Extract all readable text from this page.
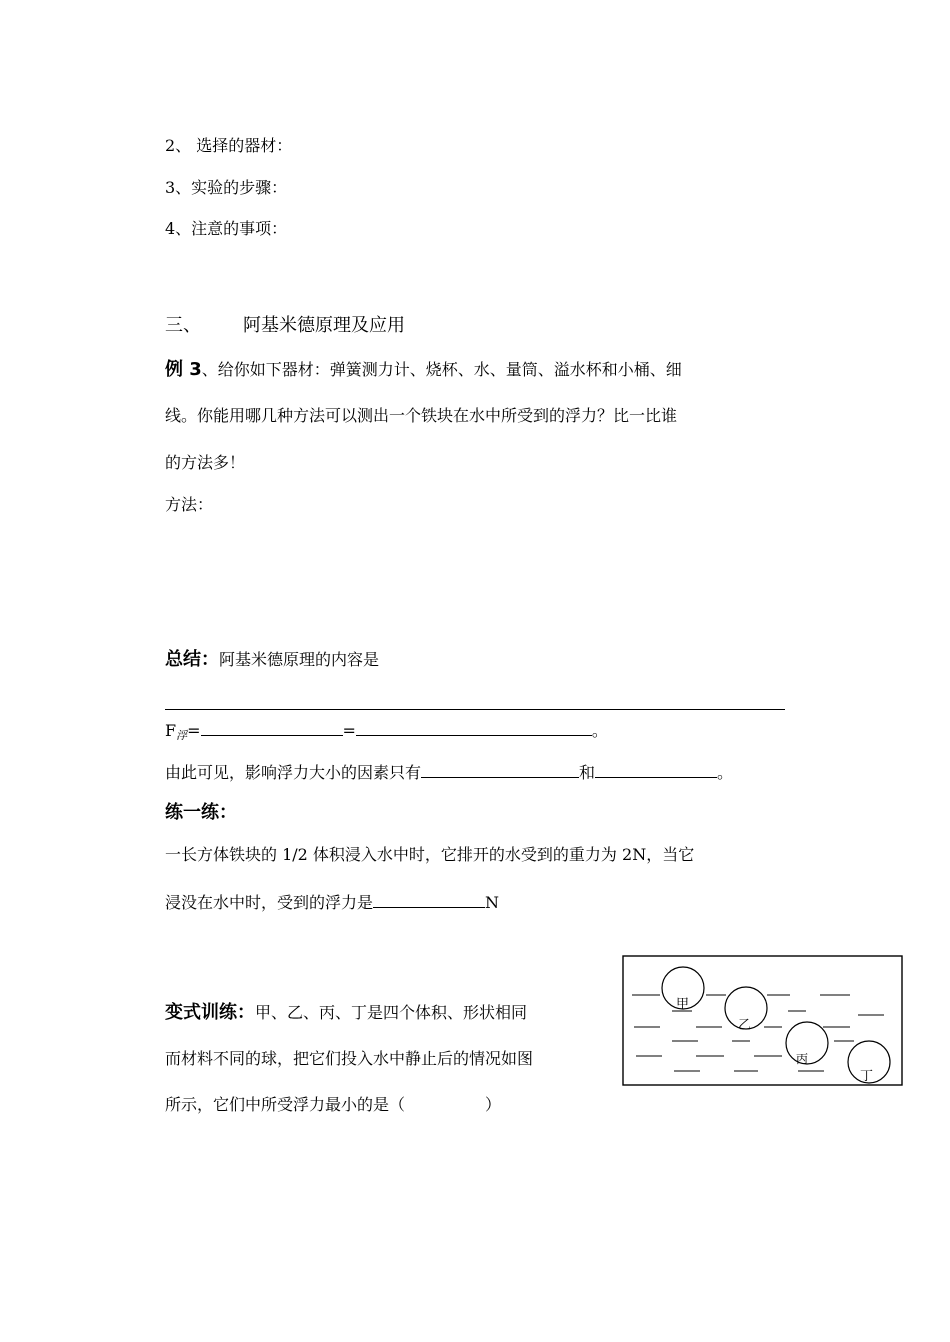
2、 选择的器材：
3、实验的步骤：
4、注意的事项：
三、 阿基米德原理及应用
例 3、给你如下器材：弹簧测力计、烧杯、水、量筒、溢水杯和小桶、细
线。你能用哪几种方法可以测出一个铁块在水中所受到的浮力？比一比谁
的方法多！
方法：
总结：阿基米德原理的内容是
F浮=	=	。
由此可见，影响浮力大小的因素只有	和	。
练一练：
一长方体铁块的 1/2 体积浸入水中时，它排开的水受到的重力为 2N，当它
浸没在水中时，受到的浮力是	N
变式训练：甲、乙、丙、丁是四个体积、形状相同
而材料不同的球，把它们投入水中静止后的情况如图
所示，它们中所受浮力最小的是（	）
甲
乙
丙
丁
